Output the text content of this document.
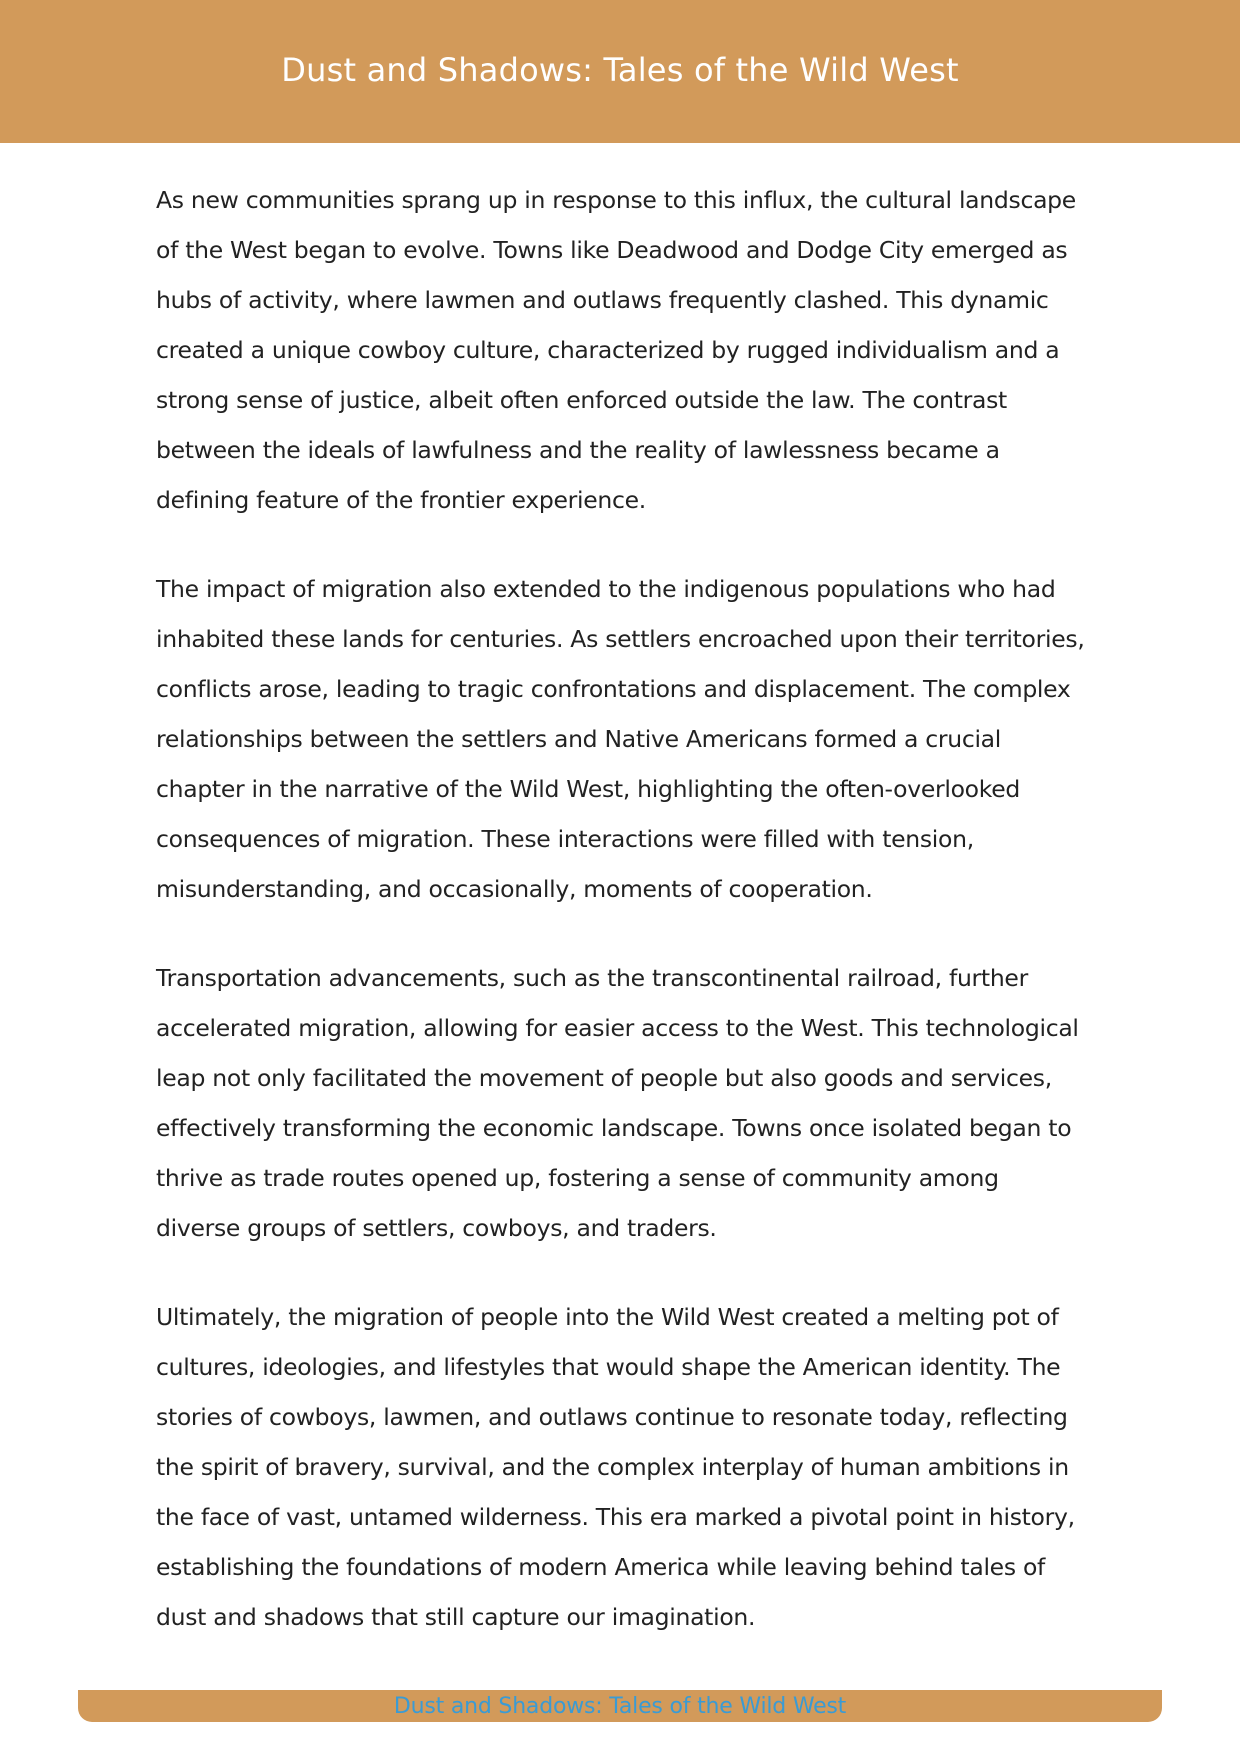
Dust and Shadows: Tales of the Wild West

As new communities sprang up in response to this influx, the cultural landscape of the West began to evolve. Towns like Deadwood and Dodge City emerged as hubs of activity, where lawmen and outlaws frequently clashed. This dynamic created a unique cowboy culture, characterized by rugged individualism and a strong sense of justice, albeit often enforced outside the law. The contrast between the ideals of lawfulness and the reality of lawlessness became a defining feature of the frontier experience.

The impact of migration also extended to the indigenous populations who had inhabited these lands for centuries. As settlers encroached upon their territories, conflicts arose, leading to tragic confrontations and displacement. The complex relationships between the settlers and Native Americans formed a crucial chapter in the narrative of the Wild West, highlighting the often-overlooked consequences of migration. These interactions were filled with tension, misunderstanding, and occasionally, moments of cooperation.

Transportation advancements, such as the transcontinental railroad, further accelerated migration, allowing for easier access to the West. This technological leap not only facilitated the movement of people but also goods and services, effectively transforming the economic landscape. Towns once isolated began to thrive as trade routes opened up, fostering a sense of community among diverse groups of settlers, cowboys, and traders.

Ultimately, the migration of people into the Wild West created a melting pot of cultures, ideologies, and lifestyles that would shape the American identity. The stories of cowboys, lawmen, and outlaws continue to resonate today, reflecting the spirit of bravery, survival, and the complex interplay of human ambitions in the face of vast, untamed wilderness. This era marked a pivotal point in history, establishing the foundations of modern America while leaving behind tales of dust and shadows that still capture our imagination.

Dust and Shadows: Tales of the Wild West
